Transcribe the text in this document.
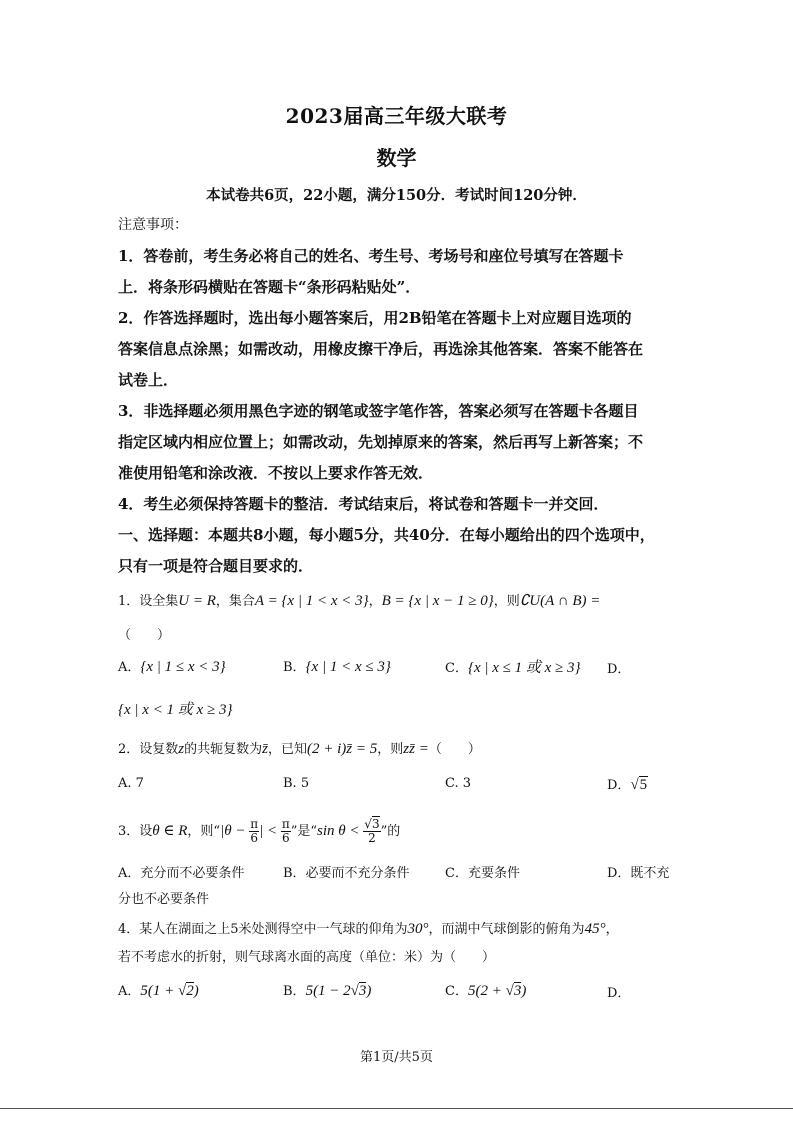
2023届高三年级大联考
数学
本试卷共6页，22小题，满分150分．考试时间120分钟．
注意事项：
1．答卷前，考生务必将自己的姓名、考生号、考场号和座位号填写在答题卡
上．将条形码横贴在答题卡“条形码粘贴处”．
2．作答选择题时，选出每小题答案后，用2B铅笔在答题卡上对应题目选项的
答案信息点涂黑；如需改动，用橡皮擦干净后，再选涂其他答案．答案不能答在
试卷上．
3．非选择题必须用黑色字迹的钢笔或签字笔作答，答案必须写在答题卡各题目
指定区域内相应位置上；如需改动，先划掉原来的答案，然后再写上新答案；不
准使用铅笔和涂改液．不按以上要求作答无效．
4．考生必须保持答题卡的整洁．考试结束后，将试卷和答题卡一并交回．
一、选择题：本题共8小题，每小题5分，共40分．在每小题给出的四个选项中，
只有一项是符合题目要求的．
1．设全集U = R，集合A = {x | 1 < x < 3}，B = {x | x − 1 ≥ 0}，则∁U(A ∩ B) =
（　　）
A．{x | 1 ≤ x < 3}	B．{x | 1 < x ≤ 3}	C．{x | x ≤ 1 或 x ≥ 3} D．
{x | x < 1 或 x ≥ 3}
2．设复数z的共轭复数为z̄，已知(2 + i)z̄ = 5，则zz̄ =（　　）
A. 7	B. 5	C. 3	D．√5
3．设θ ∈ R，则“$|\theta - \frac{\pi}{6}$ | < $\frac{\pi}{6}$ ”是“sin $\theta < \frac{√3}{2}$ ”的
A．充分而不必要条件	B．必要而不充分条件	C．充要条件	D．既不充
分也不必要条件
4．某人在湖面之上5米处测得空中一气球的仰角为30°，而湖中气球倒影的俯角为45°，
若不考虑水的折射，则气球离水面的高度（单位：米）为（　　）
A．5(1 + √2)	B．5(1 − 2√3)	C．5(2 + √3)	D．
第1页/共5页
